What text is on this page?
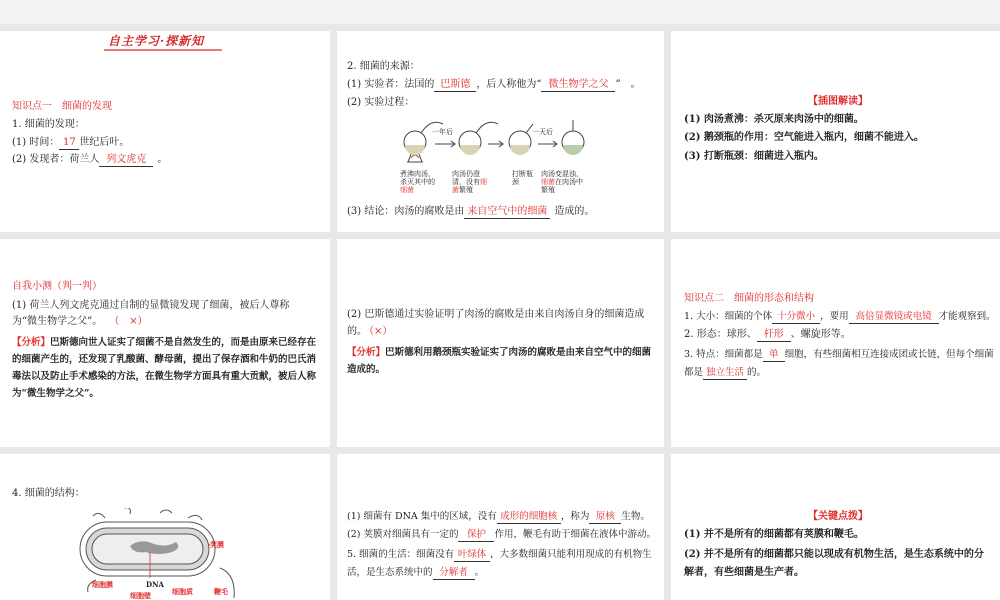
自主学习·探新知
知识点一　细菌的发现
1. 细菌的发现：
(1) 时间： 17 世纪后叶。
(2) 发现者：荷兰人 列文虎克 。
2. 细菌的来源：
(1) 实验者：法国的 巴斯德 ，后人称他为“ 微生物学之父 ”　。
(2) 实验过程：
一年后	一天后
煮沸肉汤，杀灭其中的细菌
肉汤仍澄清，没有细菌繁殖
打断瓶颈
肉汤变混浊，细菌在肉汤中繁殖
(3) 结论：肉汤的腐败是由 来自空气中的细菌 造成的。
【插图解读】
(1) 肉汤煮沸：杀灭原来肉汤中的细菌。
(2) 鹅颈瓶的作用：空气能进入瓶内，细菌不能进入。
(3) 打断瓶颈：细菌进入瓶内。
自我小测（判一判）
(1) 荷兰人列文虎克通过自制的显微镜发现了细菌，被后人尊称为“微生物学之父”。 （　×）
【分析】巴斯德向世人证实了细菌不是自然发生的，而是由原来已经存在的细菌产生的，还发现了乳酸菌、酵母菌，提出了保存酒和牛奶的巴氏消毒法以及防止手术感染的方法，在微生物学方面具有重大贡献，被后人称为“微生物学之父”。
(2) 巴斯德通过实验证明了肉汤的腐败是由来自肉汤自身的细菌造成的。 （×）
【分析】巴斯德利用鹅颈瓶实验证实了肉汤的腐败是由来自空气中的细菌造成的。
知识点二　细菌的形态和结构
1. 大小：细菌的个体 十分微小 ，要用 高倍显微镜或电镜 才能观察到。
2. 形态：球形、 杆形 、螺旋形等。
3. 特点：细菌都是 单 细胞，有些细菌相互连接成团或长链，但每个细菌都是 独立生活 的。
4. 细菌的结构：
荚膜
DNA
细胞膜
细胞壁	细胞质	鞭毛
(1) 细菌有 DNA 集中的区域，没有 成形的细胞核 ，称为 原核 生物。
(2) 荚膜对细菌具有一定的 保护 作用，鞭毛有助于细菌在液体中游动。
5. 细菌的生活：细菌没有 叶绿体 ，大多数细菌只能利用现成的有机物生活，是生态系统中的 分解者 。
【关键点拨】
(1) 并不是所有的细菌都有荚膜和鞭毛。
(2) 并不是所有的细菌都只能以现成有机物生活，是生态系统中的分解者，有些细菌是生产者。
